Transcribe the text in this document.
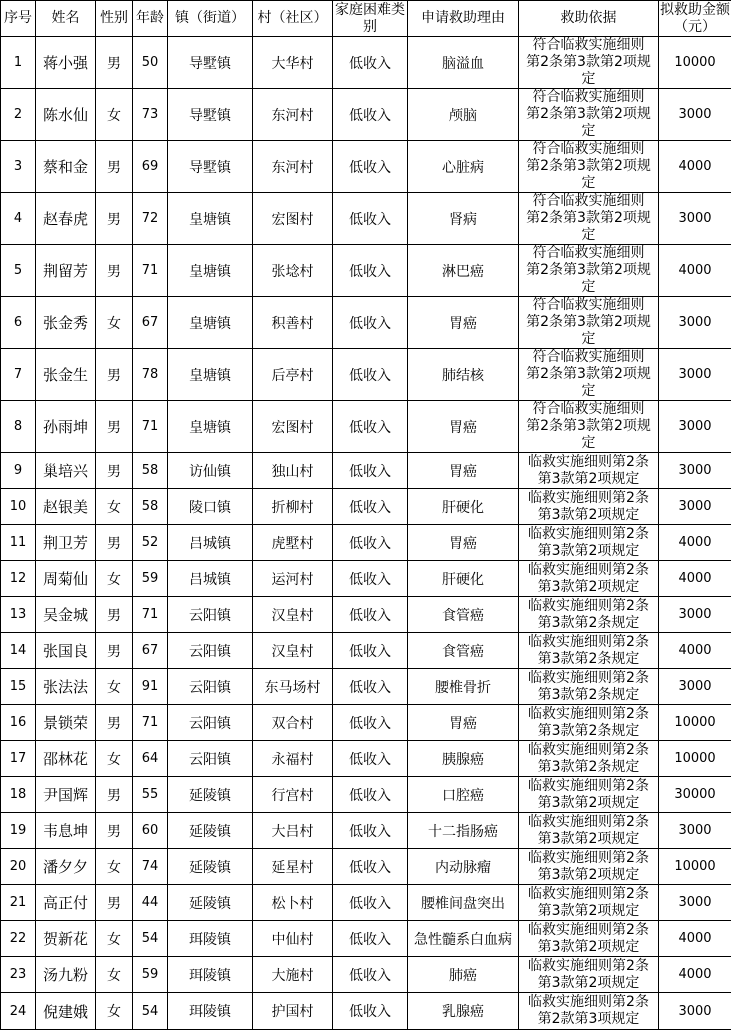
序号	姓名	性别	年龄	镇（街道）	村（社区）	家庭困难类别	申请救助理由	救助依据	拟救助金额（元）
1	蒋小强	男	50	导墅镇	大华村	低收入	脑溢血	符合临救实施细则
第2条第3款第2项规
定	10000
2	陈水仙	女	73	导墅镇	东河村	低收入	颅脑	符合临救实施细则
第2条第3款第2项规
定	3000
3	蔡和金	男	69	导墅镇	东河村	低收入	心脏病	符合临救实施细则
第2条第3款第2项规
定	4000
4	赵春虎	男	72	皇塘镇	宏图村	低收入	肾病	符合临救实施细则
第2条第3款第2项规
定	3000
5	荆留芳	男	71	皇塘镇	张埝村	低收入	淋巴癌	符合临救实施细则
第2条第3款第2项规
定	4000
6	张金秀	女	67	皇塘镇	积善村	低收入	胃癌	符合临救实施细则
第2条第3款第2项规
定	3000
7	张金生	男	78	皇塘镇	后亭村	低收入	肺结核	符合临救实施细则
第2条第3款第2项规
定	3000
8	孙雨坤	男	71	皇塘镇	宏图村	低收入	胃癌	符合临救实施细则
第2条第3款第2项规
定	3000
9	巢培兴	男	58	访仙镇	独山村	低收入	胃癌	临救实施细则第2条
第3款第2项规定	3000
10	赵银美	女	58	陵口镇	折柳村	低收入	肝硬化	临救实施细则第2条
第3款第2项规定	3000
11	荆卫芳	男	52	吕城镇	虎墅村	低收入	胃癌	临救实施细则第2条
第3款第2项规定	4000
12	周菊仙	女	59	吕城镇	运河村	低收入	肝硬化	临救实施细则第2条
第3款第2项规定	4000
13	吴金城	男	71	云阳镇	汉皇村	低收入	食管癌	临救实施细则第2条
第3款第2条规定	3000
14	张国良	男	67	云阳镇	汉皇村	低收入	食管癌	临救实施细则第2条
第3款第2条规定	4000
15	张法法	女	91	云阳镇	东马场村	低收入	腰椎骨折	临救实施细则第2条
第3款第2条规定	3000
16	景锁荣	男	71	云阳镇	双合村	低收入	胃癌	临救实施细则第2条
第3款第2条规定	10000
17	邵林花	女	64	云阳镇	永福村	低收入	胰腺癌	临救实施细则第2条
第3款第2条规定	10000
18	尹国辉	男	55	延陵镇	行宫村	低收入	口腔癌	临救实施细则第2条
第3款第2项规定	30000
19	韦息坤	男	60	延陵镇	大吕村	低收入	十二指肠癌	临救实施细则第2条
第3款第2项规定	3000
20	潘夕夕	女	74	延陵镇	延星村	低收入	内动脉瘤	临救实施细则第2条
第3款第2项规定	10000
21	高正付	男	44	延陵镇	松卜村	低收入	腰椎间盘突出	临救实施细则第2条
第3款第2项规定	3000
22	贺新花	女	54	珥陵镇	中仙村	低收入	急性髓系白血病	临救实施细则第2条
第3款第2项规定	4000
23	汤九粉	女	59	珥陵镇	大施村	低收入	肺癌	临救实施细则第2条
第3款第2项规定	4000
24	倪建娥	女	54	珥陵镇	护国村	低收入	乳腺癌	临救实施细则第2条
第2款第3项规定	3000
